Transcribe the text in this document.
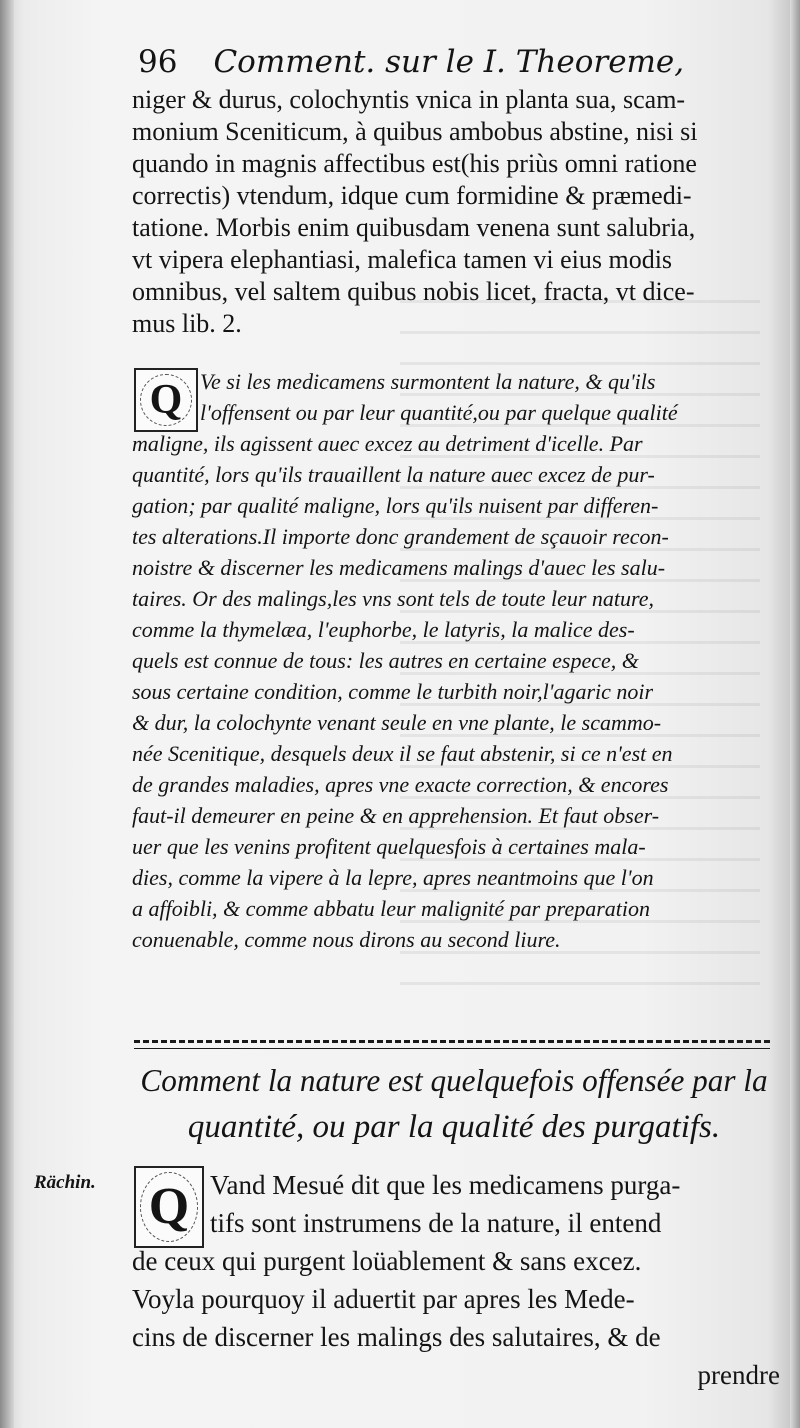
96 Comment. sur le I. Theoreme,
niger & durus, colochyntis vnica in planta sua, scam-
monium Sceniticum, à quibus ambobus abstine, nisi si
quando in magnis affectibus est(his priùs omni ratione
correctis) vtendum, idque cum formidine & præmedi-
tatione. Morbis enim quibusdam venena sunt salubria,
vt vipera elephantiasi, malefica tamen vi eius modis
omnibus, vel saltem quibus nobis licet, fracta, vt dice-
mus lib. 2.
Q Ve si les medicamens surmontent la nature, & qu'ils
l'offensent ou par leur quantité,ou par quelque qualité
maligne, ils agissent auec excez au detriment d'icelle. Par
quantité, lors qu'ils trauaillent la nature auec excez de pur-
gation; par qualité maligne, lors qu'ils nuisent par differen-
tes alterations.Il importe donc grandement de sçauoir recon-
noistre & discerner les medicamens malings d'auec les salu-
taires. Or des malings,les vns sont tels de toute leur nature,
comme la thymelæa, l'euphorbe, le latyris, la malice des-
quels est connue de tous: les autres en certaine espece, &
sous certaine condition, comme le turbith noir,l'agaric noir
& dur, la colochynte venant seule en vne plante, le scammo-
née Scenitique, desquels deux il se faut abstenir, si ce n'est en
de grandes maladies, apres vne exacte correction, & encores
faut-il demeurer en peine & en apprehension. Et faut obser-
uer que les venins profitent quelquesfois à certaines mala-
dies, comme la vipere à la lepre, apres neantmoins que l'on
a affoibli, & comme abbatu leur malignité par preparation
conuenable, comme nous dirons au second liure.
Comment la nature est quelquefois offensée par la
quantité, ou par la qualité des purgatifs.
Rächin.	Q Vand Mesué dit que les medicamens purga-
tifs sont instrumens de la nature, il entend
de ceux qui purgent loüablement & sans excez.
Voyla pourquoy il aduertit par apres les Mede-
cins de discerner les malings des salutaires, & de
prendre
